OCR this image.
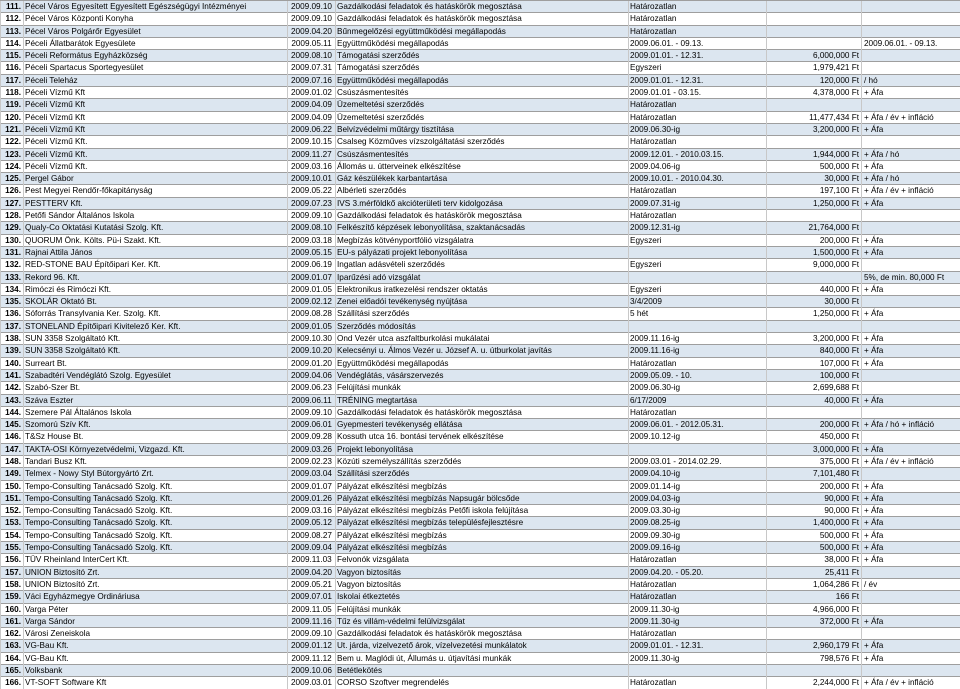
111.	Pécel Város Egyesített Egyesített Egészségügyi Intézményei	2009.09.10	Gazdálkodási feladatok és hatáskörök megosztása	Határozatlan		
112.	Pécel Város Központi Konyha	2009.09.10	Gazdálkodási feladatok és hatáskörök megosztása	Határozatlan		
113.	Pécel Város Polgárőr Egyesület	2009.04.20	Bűnmegelőzési együttműködési megállapodás	Határozatlan		
114.	Péceli Állatbarátok Egyesülete	2009.05.11	Együttműködési megállapodás	2009.06.01. - 09.13.		2009.06.01. - 09.13.
115.	Péceli Református Egyházközség	2009.08.10	Támogatási szerződés	2009.01.01. - 12.31.	6,000,000 Ft	
116.	Péceli Spartacus Sportegyesület	2009.07.31	Támogatási szerződés	Egyszeri	1,979,421 Ft	
117.	Péceli Teleház	2009.07.16	Együttműködési megállapodás	2009.01.01. - 12.31.	120,000 Ft	/ hó
118.	Péceli Vízmű Kft	2009.01.02	Csúszásmentesítés	2009.01.01 - 03.15.	4,378,000 Ft	+ Áfa
119.	Péceli Vízmű Kft	2009.04.09	Üzemeltetési szerződés	Határozatlan		
120.	Péceli Vízmű Kft	2009.04.09	Üzemeltetési szerződés	Határozatlan	11,477,434 Ft	+ Áfa / év + infláció
121.	Péceli Vízmű Kft	2009.06.22	Belvízvédelmi műtárgy tisztítása	2009.06.30-ig	3,200,000 Ft	+ Áfa
122.	Péceli Vízmű Kft.	2009.10.15	Csalseg Közműves vízszolgáltatási szerződés	Határozatlan		
123.	Péceli Vízmű Kft.	2009.11.27	Csúszásmentesítés	2009.12.01. - 2010.03.15.	1,944,000 Ft	+ Áfa / hó
124.	Péceli Vízmű Kft.	2009.03.16	Állomás u. útterveinek elkészítése	2009.04.06-ig	500,000 Ft	+ Áfa
125.	Pergel Gábor	2009.10.01	Gáz készülékek karbantartása	2009.10.01. - 2010.04.30.	30,000 Ft	+ Áfa / hó
126.	Pest Megyei Rendőr-főkapitányság	2009.05.22	Albérleti szerződés	Határozatlan	197,100 Ft	+ Áfa / év + infláció
127.	PESTTERV Kft.	2009.07.23	IVS 3.mérföldkő akcióterületi terv kidolgozása	2009.07.31-ig	1,250,000 Ft	+ Áfa
128.	Petőfi Sándor Általános Iskola	2009.09.10	Gazdálkodási feladatok és hatáskörök megosztása	Határozatlan		
129.	Qualy-Co Oktatási Kutatási Szolg. Kft.	2009.08.10	Felkészítő képzések lebonyolítása, szaktanácsadás	2009.12.31-ig	21,764,000 Ft	
130.	QUORUM Önk. Költs. Pü-i Szakt. Kft.	2009.03.18	Megbízás kötvényportfólió vizsgálatra	Egyszeri	200,000 Ft	+ Áfa
131.	Rajnai Attila János	2009.05.15	EU-s pályázati projekt lebonyolítása		1,500,000 Ft	+ Áfa
132.	RED-STONE BAU Építőipari Ker. Kft.	2009.06.19	Ingatlan adásvételi szerződés	Egyszeri	9,000,000 Ft	
133.	Rekord 96. Kft.	2009.01.07	Iparűzési adó vizsgálat			5%, de min. 80,000 Ft
134.	Rimóczi és Rimóczi Kft.	2009.01.05	Elektronikus iratkezelési rendszer oktatás	Egyszeri	440,000 Ft	+ Áfa
135.	SKOLÁR Oktató Bt.	2009.02.12	Zenei előadói tevékenység nyújtása	3/4/2009	30,000 Ft	
136.	Sóforrás Transylvania Ker. Szolg. Kft.	2009.08.28	Szállítási szerződés	5 hét	1,250,000 Ft	+ Áfa
137.	STONELAND Építőipari Kivitelező Ker. Kft.	2009.01.05	Szerződés módosítás			
138.	SUN 3358 Szolgáltató Kft.	2009.10.30	Ond Vezér utca aszfaltburkolási mukálatai	2009.11.16-ig	3,200,000 Ft	+ Áfa
139.	SUN 3358 Szolgáltató Kft.	2009.10.20	Kelecsényi u. Álmos Vezér u. József A. u. útburkolat javítás	2009.11.16-ig	840,000 Ft	+ Áfa
140.	Surreart Bt.	2009.01.20	Együttműködési megállapodás	Határozatlan	107,000 Ft	+ Áfa
141.	Szabadtéri Vendéglátó Szolg. Egyesület	2009.04.06	Vendéglátás, vásárszervezés	2009.05.09. - 10.	100,000 Ft	
142.	Szabó-Szer Bt.	2009.06.23	Felújítási munkák	2009.06.30-ig	2,699,688 Ft	
143.	Száva Eszter	2009.06.11	TRÉNING megtartása	6/17/2009	40,000 Ft	+ Áfa
144.	Szemere Pál Általános Iskola	2009.09.10	Gazdálkodási feladatok és hatáskörök megosztása	Határozatlan		
145.	Szomorú Szív Kft.	2009.06.01	Gyepmesteri tevékenység ellátása	2009.06.01. - 2012.05.31.	200,000 Ft	+ Áfa / hó + infláció
146.	T&Sz House Bt.	2009.09.28	Kossuth utca 16. bontási tervének elkészítése	2009.10.12-ig	450,000 Ft	
147.	TAKTA-OSI Környezetvédelmi, Vizgazd. Kft.	2009.03.26	Projekt lebonyolítása		3,000,000 Ft	+ Áfa
148.	Tandari Busz Kft.	2009.02.23	Közúti személyszállítás szerződés	2009.03.01 - 2014.02.29.	375,000 Ft	+ Áfa / év + infláció
149.	Telmex - Nowy Styl Bútorgyártó Zrt.	2009.03.04	Szállítási szerződés	2009.04.10-ig	7,101,480 Ft	
150.	Tempo-Consulting Tanácsadó Szolg. Kft.	2009.01.07	Pályázat elkészítési megbízás	2009.01.14-ig	200,000 Ft	+ Áfa
151.	Tempo-Consulting Tanácsadó Szolg. Kft.	2009.01.26	Pályázat elkészítési megbízás Napsugár bölcsőde	2009.04.03-ig	90,000 Ft	+ Áfa
152.	Tempo-Consulting Tanácsadó Szolg. Kft.	2009.03.16	Pályázat elkészítési megbízás Petőfi iskola felújítása	2009.03.30-ig	90,000 Ft	+ Áfa
153.	Tempo-Consulting Tanácsadó Szolg. Kft.	2009.05.12	Pályázat elkészítési megbízás településfejlesztésre	2009.08.25-ig	1,400,000 Ft	+ Áfa
154.	Tempo-Consulting Tanácsadó Szolg. Kft.	2009.08.27	Pályázat elkészítési megbízás	2009.09.30-ig	500,000 Ft	+ Áfa
155.	Tempo-Consulting Tanácsadó Szolg. Kft.	2009.09.04	Pályázat elkészítési megbízás	2009.09.16-ig	500,000 Ft	+ Áfa
156.	TÜV Rheinland InterCert Kft.	2009.11.03	Felvonók vizsgálata	Határozatlan	38,000 Ft	+ Áfa
157.	UNION Biztosító Zrt.	2009.04.20	Vagyon biztosítás	2009.04.20. - 05.20.	25,411 Ft	
158.	UNION Biztosító Zrt.	2009.05.21	Vagyon biztosítás	Határozatlan	1,064,286 Ft	/ év
159.	Váci Egyházmegye Ordináriusa	2009.07.01	Iskolai étkeztetés	Határozatlan	166 Ft	
160.	Varga Péter	2009.11.05	Felújítási munkák	2009.11.30-ig	4,966,000 Ft	
161.	Varga Sándor	2009.11.16	Tűz és villám-védelmi felülvizsgálat	2009.11.30-ig	372,000 Ft	+ Áfa
162.	Városi Zeneiskola	2009.09.10	Gazdálkodási feladatok és hatáskörök megosztása	Határozatlan		
163.	VG-Bau Kft.	2009.01.12	Ut. járda, vizelvezető árok, vízelvezetési munkálatok	2009.01.01. - 12.31.	2,960,179 Ft	+ Áfa
164.	VG-Bau Kft.	2009.11.12	Bem u. Maglódi út, Állumás u. útjavítási munkák	2009.11.30-ig	798,576 Ft	+ Áfa
165.	Volksbank	2009.10.06	Betétlekötés			
166.	VT-SOFT Software Kft	2009.03.01	CORSO Szoftver megrendelés	Határozatlan	2,244,000 Ft	+ Áfa / év + infláció
